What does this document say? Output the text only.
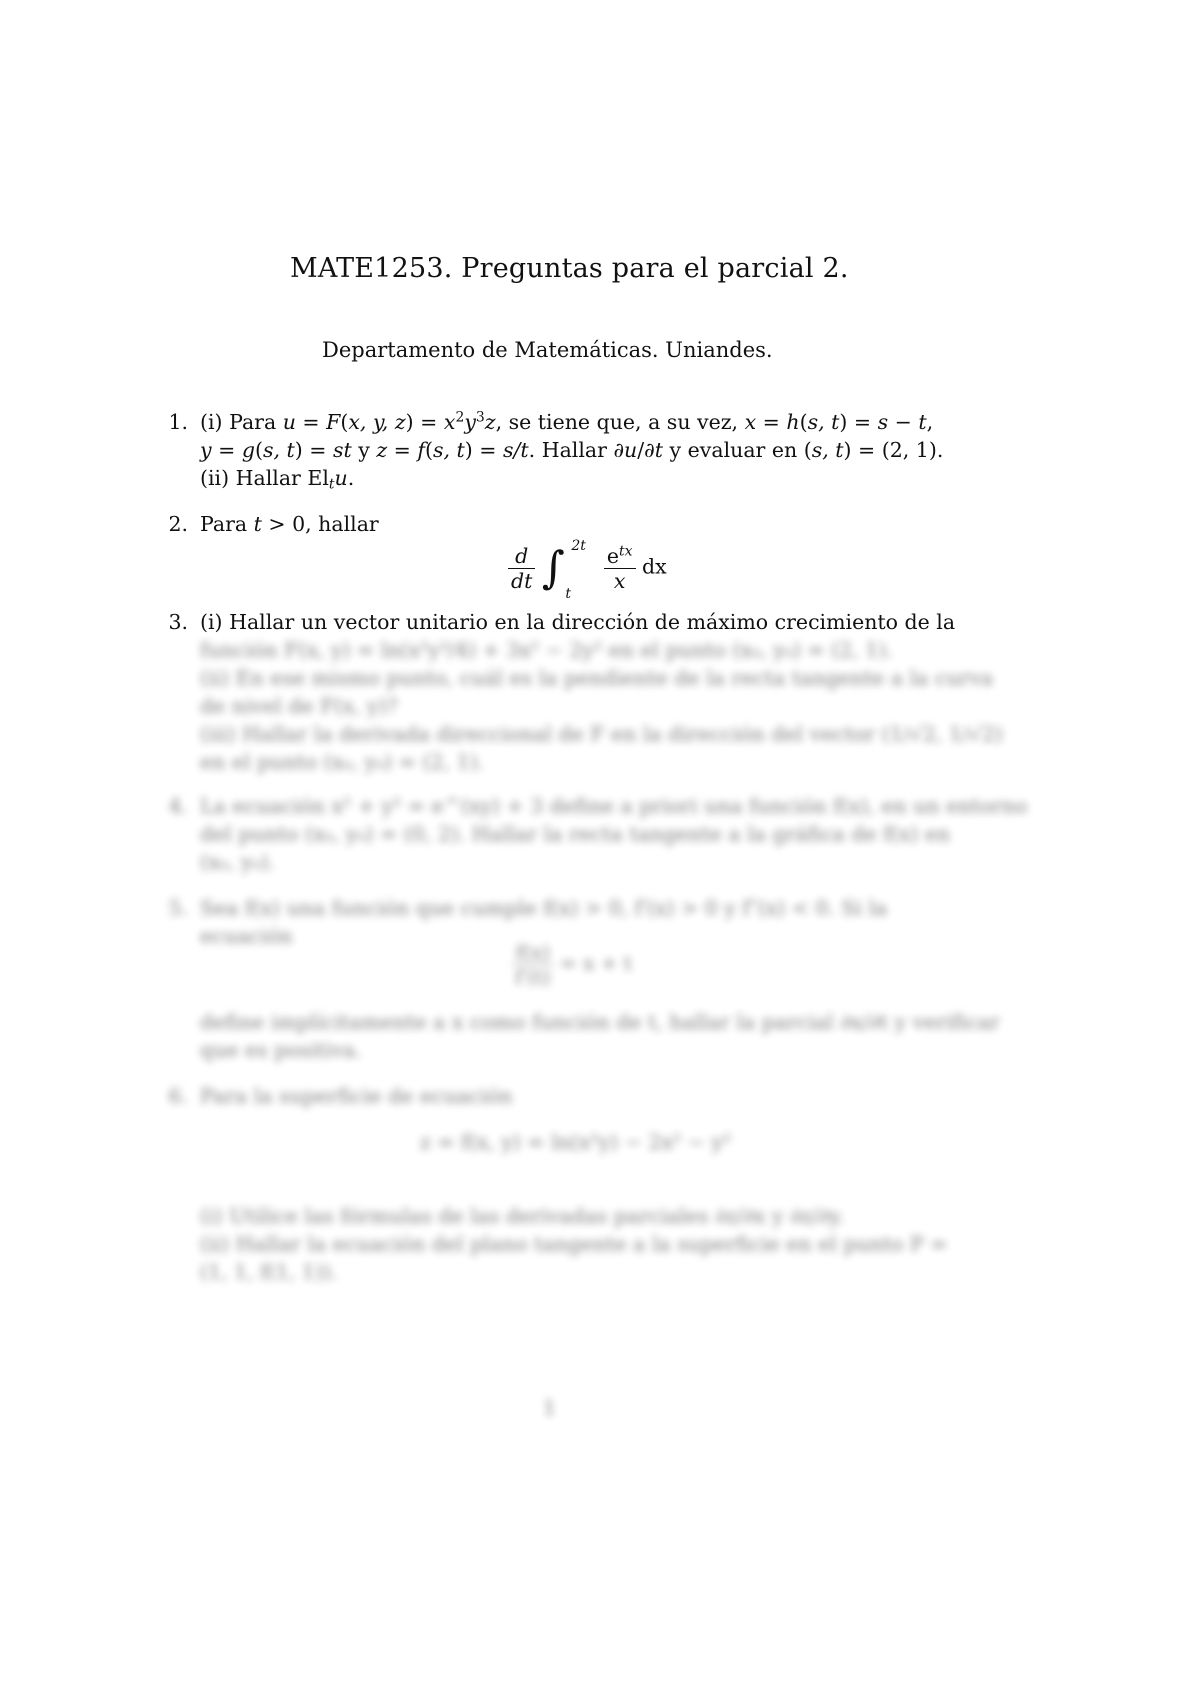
MATE1253. Preguntas para el parcial 2.
Departamento de Matemáticas. Uniandes.
1. (i) Para u = F(x, y, $z) = x^2y^3z$, se tiene que, a su vez, x = h(s, t) = s − t,
y = g(s, t) = st y z = f(s, t) = s/t. Hallar ∂u/∂t y evaluar en (s, t) = (2, 1).
(ii) Hallar $El_tu$.
2. Para t > 0, hallar
$\frac{d}{dt}$ ∫ 2t
t

$\frac{e^{tx}}{x}$ dx
3. (i) Hallar un vector unitario en la dirección de máximo crecimiento de la
función F(x, y) = ln(x²y³/4) + 3x² − 2y² en el punto (x₀, y₀) = (2, 1).
(ii) En ese mismo punto, cuál es la pendiente de la recta tangente a la curva
de nivel de F(x, y)?
(iii) Hallar la derivada direccional de F en la dirección del vector (1/√2, 1/√2)
en el punto (x₀, y₀) = (2, 1).
4. La ecuación x² + y² = e^(xy) + 3 define a priori una función f(x), en un entorno
del punto (x₀, y₀) = (0, 2). Hallar la recta tangente a la gráfica de f(x) en
(x₀, y₀).
5. Sea f(x) una función que cumple f(x) > 0, f′(x) > 0 y f″(x) < 0. Si la
ecuación
$\frac{f(x)}{f'(t)} = x + t$
define implícitamente a x como función de t, hallar la parcial ∂x/∂t y verificar
que es positiva.
6. Para la superficie de ecuación
z = f(x, y) = ln(x²y) − 2x² − y²
(i) Utilice las fórmulas de las derivadas parciales ∂z/∂x y ∂z/∂y.
(ii) Hallar la ecuación del plano tangente a la superficie en el punto P =
(1, 1, f(1, 1)).
1
